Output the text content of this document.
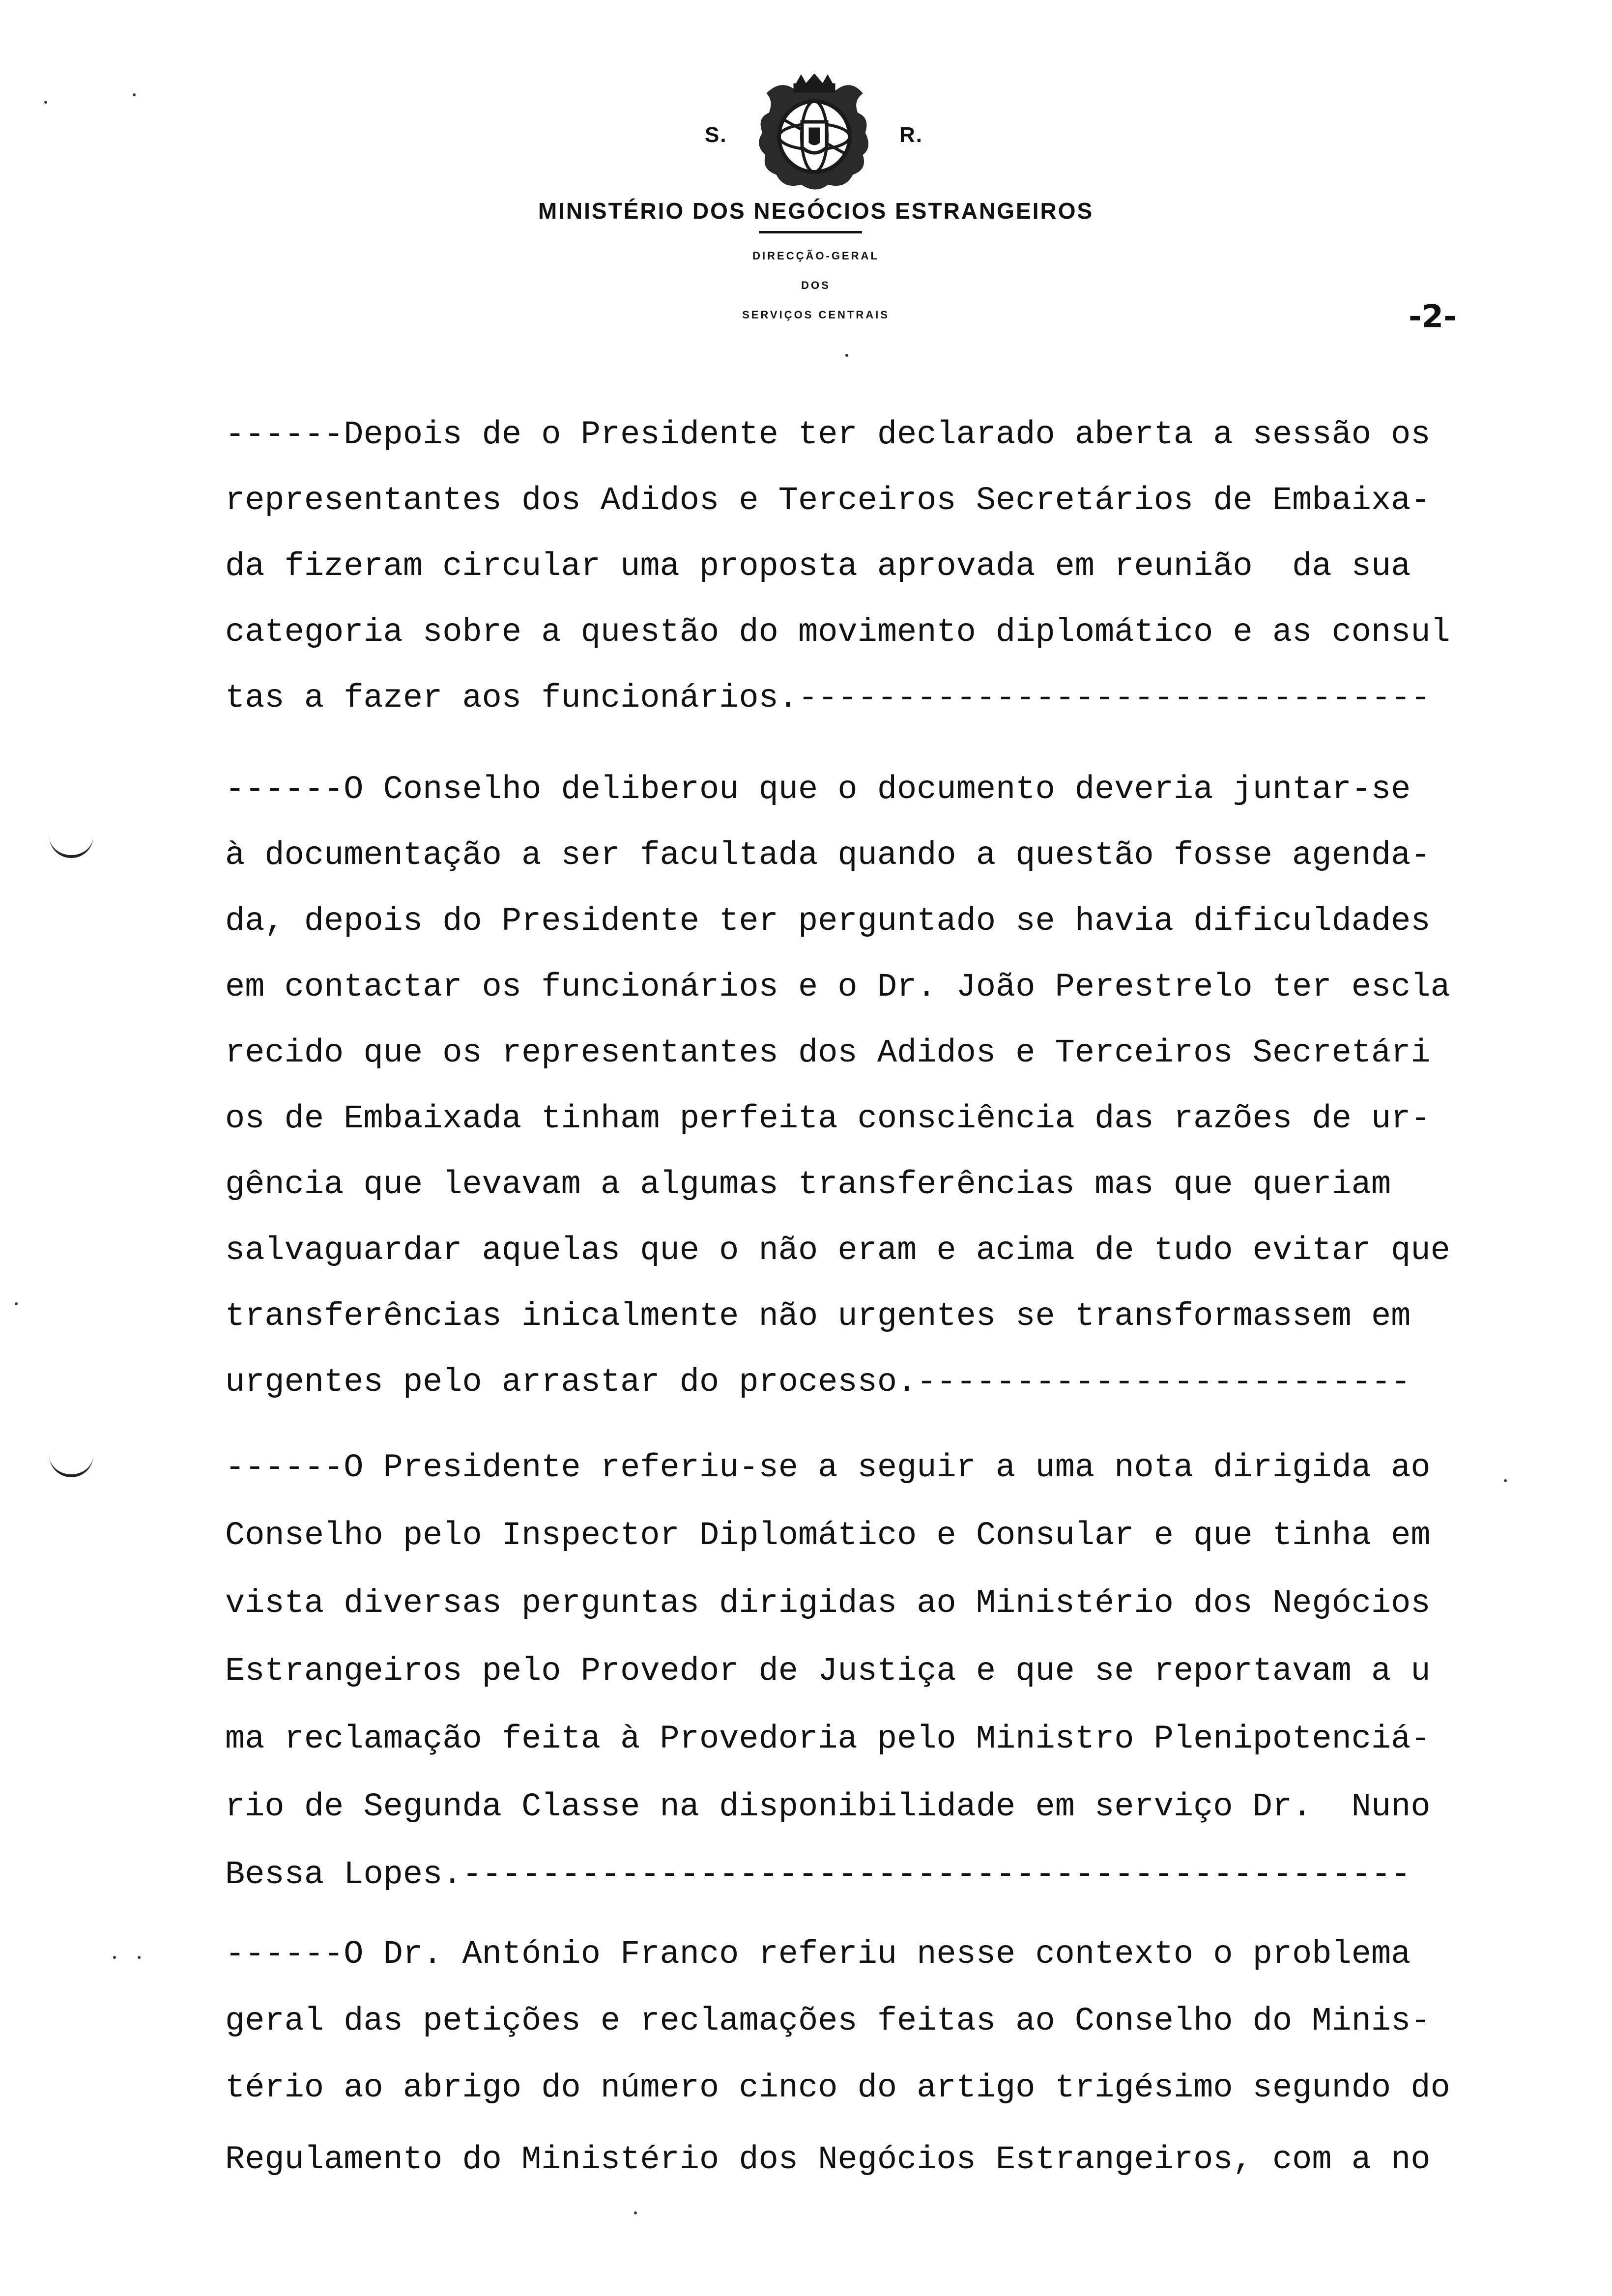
S.	R.
MINISTÉRIO DOS NEGÓCIOS ESTRANGEIROS
DIRECÇÃO-GERAL
DOS
SERVIÇOS CENTRAIS	-2-
------Depois de o Presidente ter declarado aberta a sessão os
representantes dos Adidos e Terceiros Secretários de Embaixa-
da fizeram circular uma proposta aprovada em reunião  da sua
categoria sobre a questão do movimento diplomático e as consul
tas a fazer aos funcionários.--------------------------------
------O Conselho deliberou que o documento deveria juntar-se
à documentação a ser facultada quando a questão fosse agenda-
da, depois do Presidente ter perguntado se havia dificuldades
em contactar os funcionários e o Dr. João Perestrelo ter escla
recido que os representantes dos Adidos e Terceiros Secretári
os de Embaixada tinham perfeita consciência das razões de ur-
gência que levavam a algumas transferências mas que queriam
salvaguardar aquelas que o não eram e acima de tudo evitar que
transferências inicalmente não urgentes se transformassem em
urgentes pelo arrastar do processo.-------------------------
------O Presidente referiu-se a seguir a uma nota dirigida ao
Conselho pelo Inspector Diplomático e Consular e que tinha em
vista diversas perguntas dirigidas ao Ministério dos Negócios
Estrangeiros pelo Provedor de Justiça e que se reportavam a u
ma reclamação feita à Provedoria pelo Ministro Plenipotenciá-
rio de Segunda Classe na disponibilidade em serviço Dr.  Nuno
Bessa Lopes.------------------------------------------------
------O Dr. António Franco referiu nesse contexto o problema
geral das petições e reclamações feitas ao Conselho do Minis-
tério ao abrigo do número cinco do artigo trigésimo segundo do
Regulamento do Ministério dos Negócios Estrangeiros, com a no
